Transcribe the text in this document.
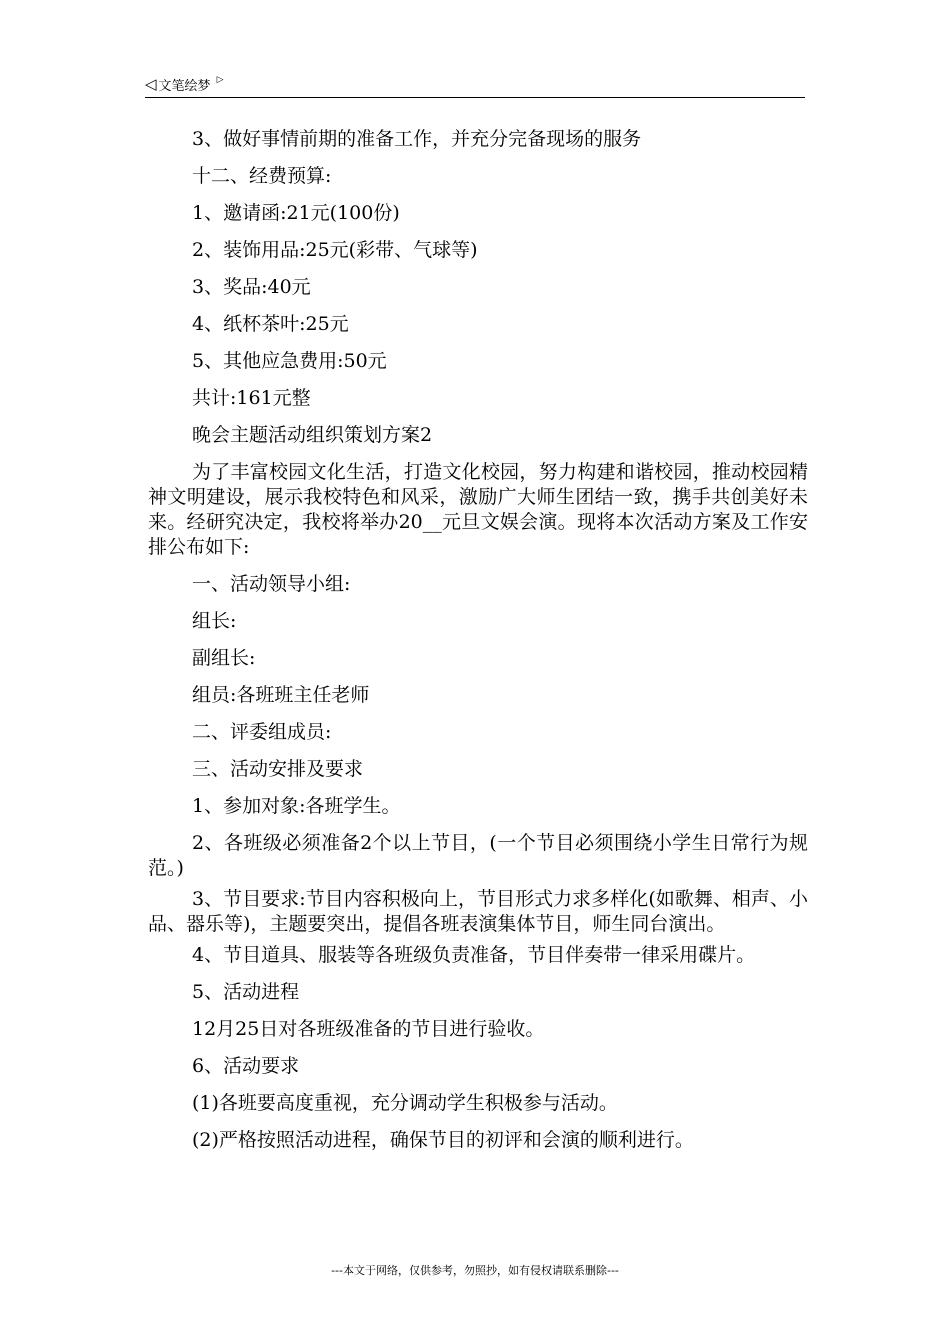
◁ 文笔绘梦 ▷
3、做好事情前期的准备工作，并充分完备现场的服务
十二、经费预算:
1、邀请函:21元(100份)
2、装饰用品:25元(彩带、气球等)
3、奖品:40元
4、纸杯茶叶:25元
5、其他应急费用:50元
共计:161元整
晚会主题活动组织策划方案2
为了丰富校园文化生活，打造文化校园，努力构建和谐校园，推动校园精神文明建设，展示我校特色和风采，激励广大师生团结一致，携手共创美好未来。经研究决定，我校将举办20__元旦文娱会演。现将本次活动方案及工作安排公布如下:
一、活动领导小组:
组长:
副组长:
组员:各班班主任老师
二、评委组成员:
三、活动安排及要求
1、参加对象:各班学生。
2、各班级必须准备2个以上节目，(一个节目必须围绕小学生日常行为规范。)
3、节目要求:节目内容积极向上，节目形式力求多样化(如歌舞、相声、小品、器乐等)，主题要突出，提倡各班表演集体节目，师生同台演出。
4、节目道具、服装等各班级负责准备，节目伴奏带一律采用碟片。
5、活动进程
12月25日对各班级准备的节目进行验收。
6、活动要求
(1)各班要高度重视，充分调动学生积极参与活动。
(2)严格按照活动进程，确保节目的初评和会演的顺利进行。
---本文于网络，仅供参考，勿照抄，如有侵权请联系删除---
